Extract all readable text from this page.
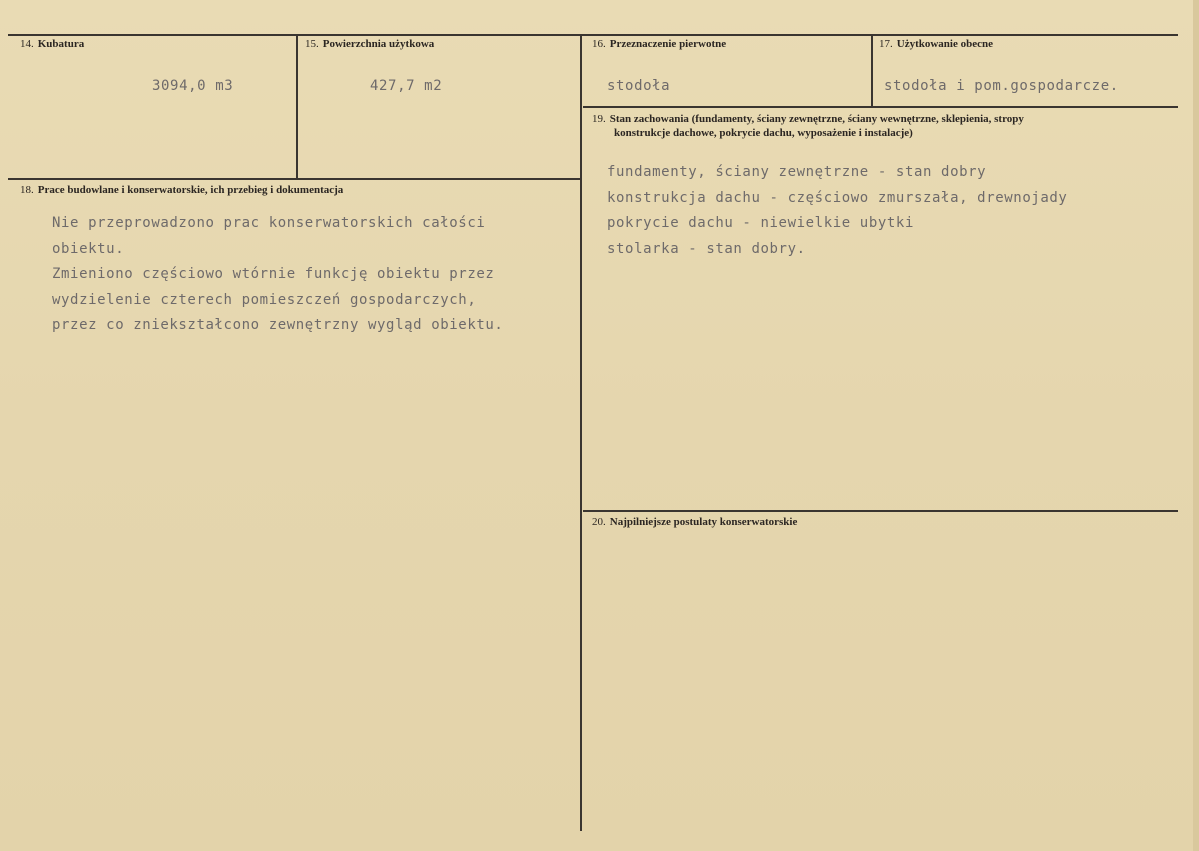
14. Kubatura
3094,0 m3
15. Powierzchnia użytkowa
427,7 m2
16. Przeznaczenie pierwotne
stodoła
17. Użytkowanie obecne
stodoła i pom.gospodarcze.
19. Stan zachowania (fundamenty, ściany zewnętrzne, ściany wewnętrzne, sklepienia, stropy
konstrukcje dachowe, pokrycie dachu, wyposażenie i instalacje)
fundamenty, ściany zewnętrzne - stan dobry
konstrukcja dachu - częściowo zmurszała, drewnojady
pokrycie dachu - niewielkie ubytki
stolarka - stan dobry.
18. Prace budowlane i konserwatorskie, ich przebieg i dokumentacja
Nie przeprowadzono prac konserwatorskich całości
obiektu.
Zmieniono częściowo wtórnie funkcję obiektu przez
wydzielenie czterech pomieszczeń gospodarczych,
przez co zniekształcono zewnętrzny wygląd obiektu.
20. Najpilniejsze postulaty konserwatorskie
